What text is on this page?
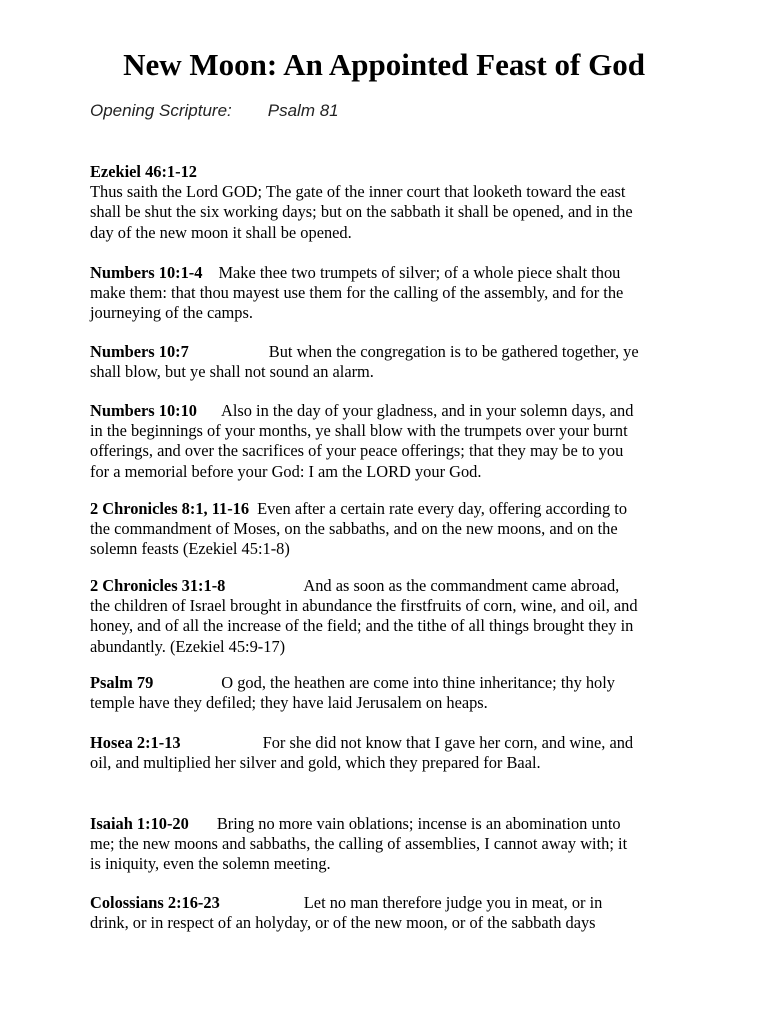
New Moon: An Appointed Feast of God
Opening Scripture: Psalm 81

Ezekiel 46:1-12
Thus saith the Lord GOD; The gate of the inner court that looketh toward the east
shall be shut the six working days; but on the sabbath it shall be opened, and in the
day of the new moon it shall be opened.

Numbers 10:1-4 Make thee two trumpets of silver; of a whole piece shalt thou
make them: that thou mayest use them for the calling of the assembly, and for the
journeying of the camps.

Numbers 10:7	But when the congregation is to be gathered together, ye
shall blow, but ye shall not sound an alarm.

Numbers 10:10 Also in the day of your gladness, and in your solemn days, and
in the beginnings of your months, ye shall blow with the trumpets over your burnt
offerings, and over the sacrifices of your peace offerings; that they may be to you
for a memorial before your God: I am the LORD your God.

2 Chronicles 8:1, 11-16 Even after a certain rate every day, offering according to
the commandment of Moses, on the sabbaths, and on the new moons, and on the
solemn feasts (Ezekiel 45:1-8)

2 Chronicles 31:1-8	And as soon as the commandment came abroad,
the children of Israel brought in abundance the firstfruits of corn, wine, and oil, and
honey, and of all the increase of the field; and the tithe of all things brought they in
abundantly. (Ezekiel 45:9-17)

Psalm 79	O god, the heathen are come into thine inheritance; thy holy
temple have they defiled; they have laid Jerusalem on heaps.

Hosea 2:1-13	For she did not know that I gave her corn, and wine, and
oil, and multiplied her silver and gold, which they prepared for Baal.

Isaiah 1:10-20 Bring no more vain oblations; incense is an abomination unto
me; the new moons and sabbaths, the calling of assemblies, I cannot away with; it
is iniquity, even the solemn meeting.

Colossians 2:16-23	Let no man therefore judge you in meat, or in
drink, or in respect of an holyday, or of the new moon, or of the sabbath days
